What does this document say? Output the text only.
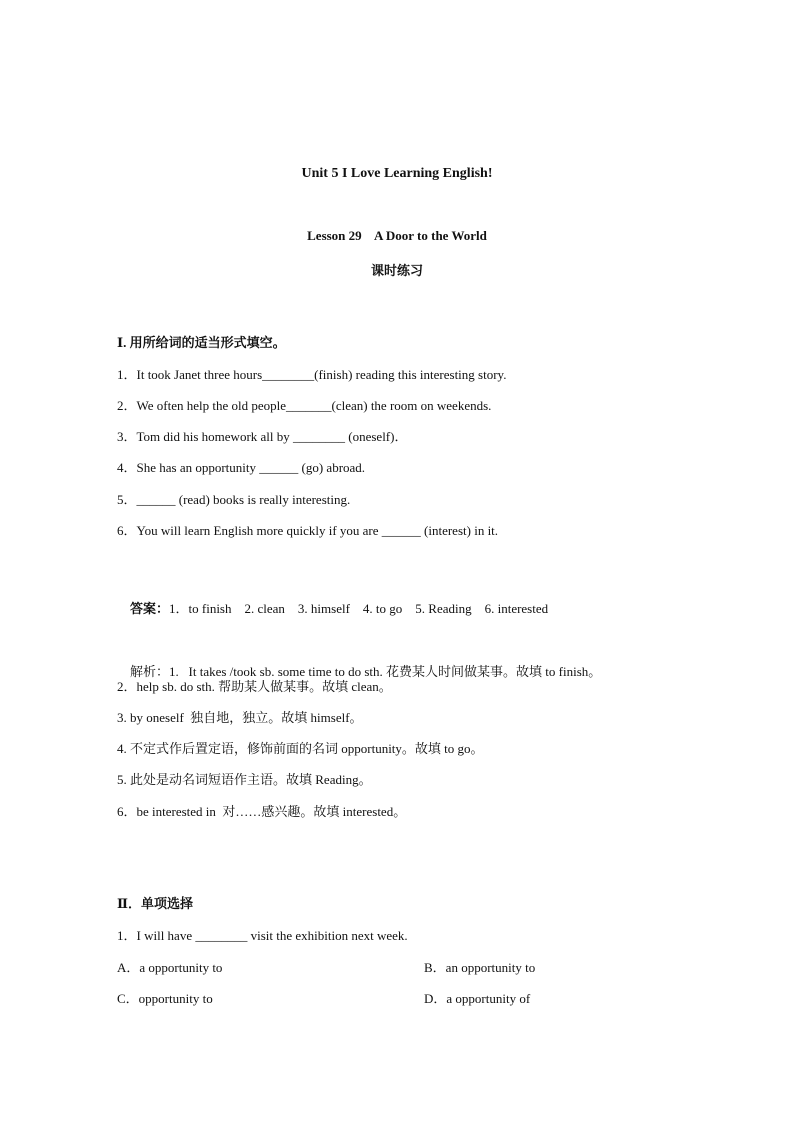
Unit 5 I Love Learning English!
Lesson 29    A Door to the World
课时练习
Ⅰ. 用所给词的适当形式填空。
1．It took Janet three hours________(finish) reading this interesting story.
2．We often help the old people_______(clean) the room on weekends.
3．Tom did his homework all by ________ (oneself)．
4．She has an opportunity ______ (go) abroad.
5．______ (read) books is really interesting.
6．You will learn English more quickly if you are ______ (interest) in it.

答案：1．to finish    2. clean    3. himself    4. to go    5. Reading    6. interested

解析：1.   It takes /took sb. some time to do sth. 花费某人时间做某事。故填 to finish。

2．help sb. do sth. 帮助某人做某事。故填 clean。
3. by oneself  独自地，独立。故填 himself。
4. 不定式作后置定语，修饰前面的名词 opportunity。故填 to go。
5. 此处是动名词短语作主语。故填 Reading。
6．be interested in  对……感兴趣。故填 interested。
Ⅱ．单项选择
1．I will have ________ visit the exhibition next week.
A．a opportunity to	B．an opportunity to
C．opportunity to	D．a opportunity of
